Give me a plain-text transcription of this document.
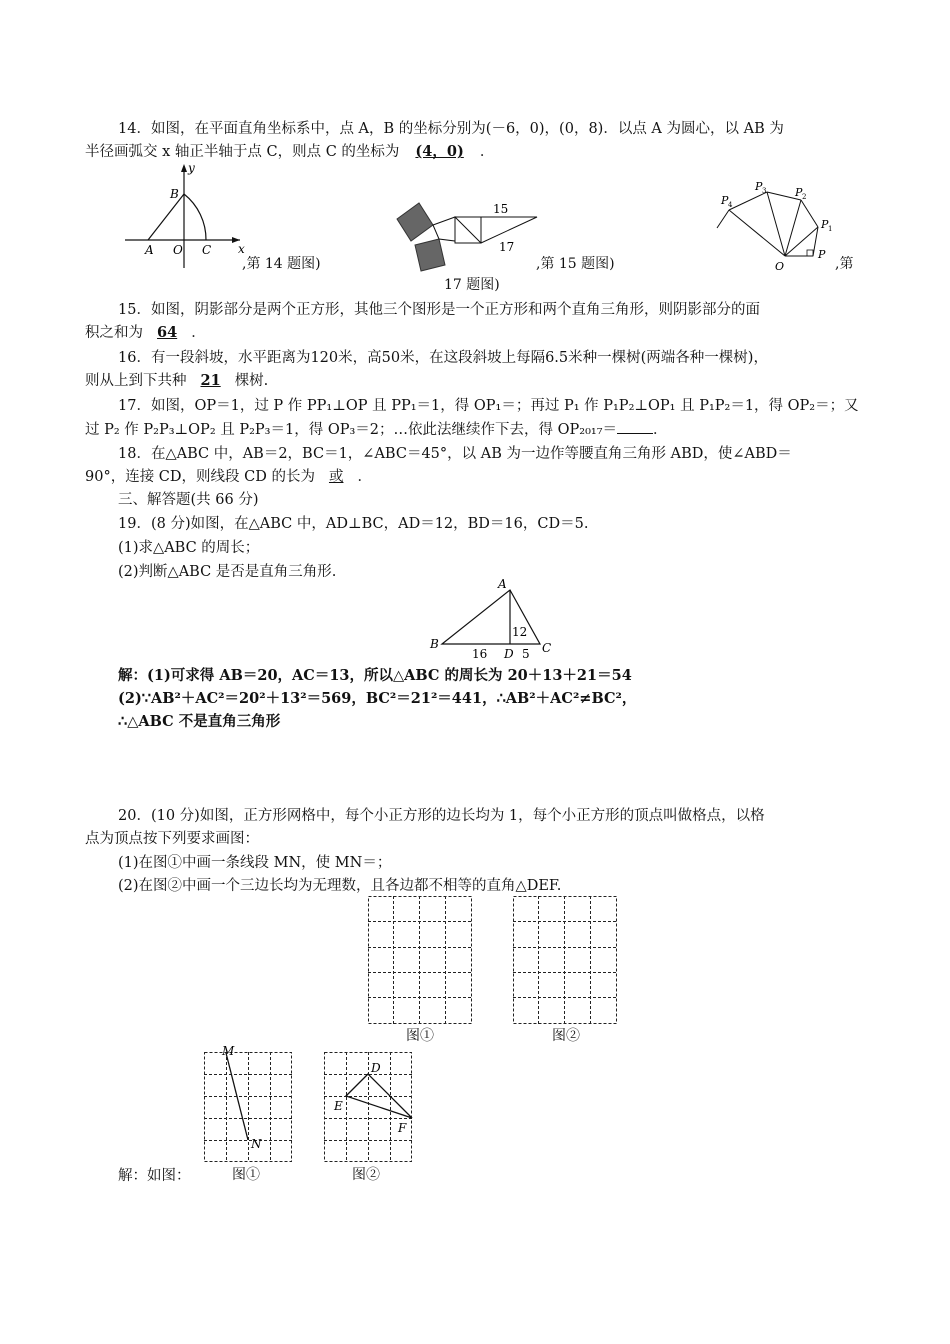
14．如图，在平面直角坐标系中，点 A，B 的坐标分别为(－6，0)，(0，8)．以点 A 为圆心，以 AB 为
半径画弧交 x 轴正半轴于点 C，则点 C 的坐标为 (4，0) ．
y
x
A
B
O C
,第 14 题图)
15
17
,第 15 题图)
P 4
P 3	P 2
P 1
P
O	,第
17 题图)
15．如图，阴影部分是两个正方形，其他三个图形是一个正方形和两个直角三角形，则阴影部分的面
积之和为 64 ．
16．有一段斜坡，水平距离为120米，高50米，在这段斜坡上每隔6.5米种一棵树(两端各种一棵树)，
则从上到下共种 21 棵树.
17．如图，OP＝1，过 P 作 PP₁⊥OP 且 PP₁＝1，得 OP₁＝；再过 P₁ 作 P₁P₂⊥OP₁ 且 P₁P₂＝1，得 OP₂＝；又
过 P₂ 作 P₂P₃⊥OP₂ 且 P₂P₃＝1，得 OP₃＝2；…依此法继续作下去，得 OP₂₀₁₇＝ ．
18．在△ABC 中，AB＝2，BC＝1，∠ABC＝45°，以 AB 为一边作等腰直角三角形 ABD，使∠ABD＝
90°，连接 CD，则线段 CD 的长为 或 ．
三、解答题(共 66 分)
19．(8 分)如图，在△ABC 中，AD⊥BC，AD＝12，BD＝16，CD＝5.
(1)求△ABC 的周长；
(2)判断△ABC 是否是直角三角形.
A
B	C
D
12
16	5
解：(1)可求得 AB＝20，AC＝13，所以△ABC 的周长为 20＋13＋21＝54
(2)∵AB²＋AC²＝20²＋13²＝569，BC²＝21²＝441，∴AB²＋AC²≠BC²，
∴△ABC 不是直角三角形
20．(10 分)如图，正方形网格中，每个小正方形的边长均为 1，每个小正方形的顶点叫做格点，以格
点为顶点按下列要求画图：
(1)在图①中画一条线段 MN，使 MN＝；
(2)在图②中画一个三边长均为无理数，且各边都不相等的直角△DEF.
图①	图②
M
N
图①
D
E
F
图②
解：如图：
